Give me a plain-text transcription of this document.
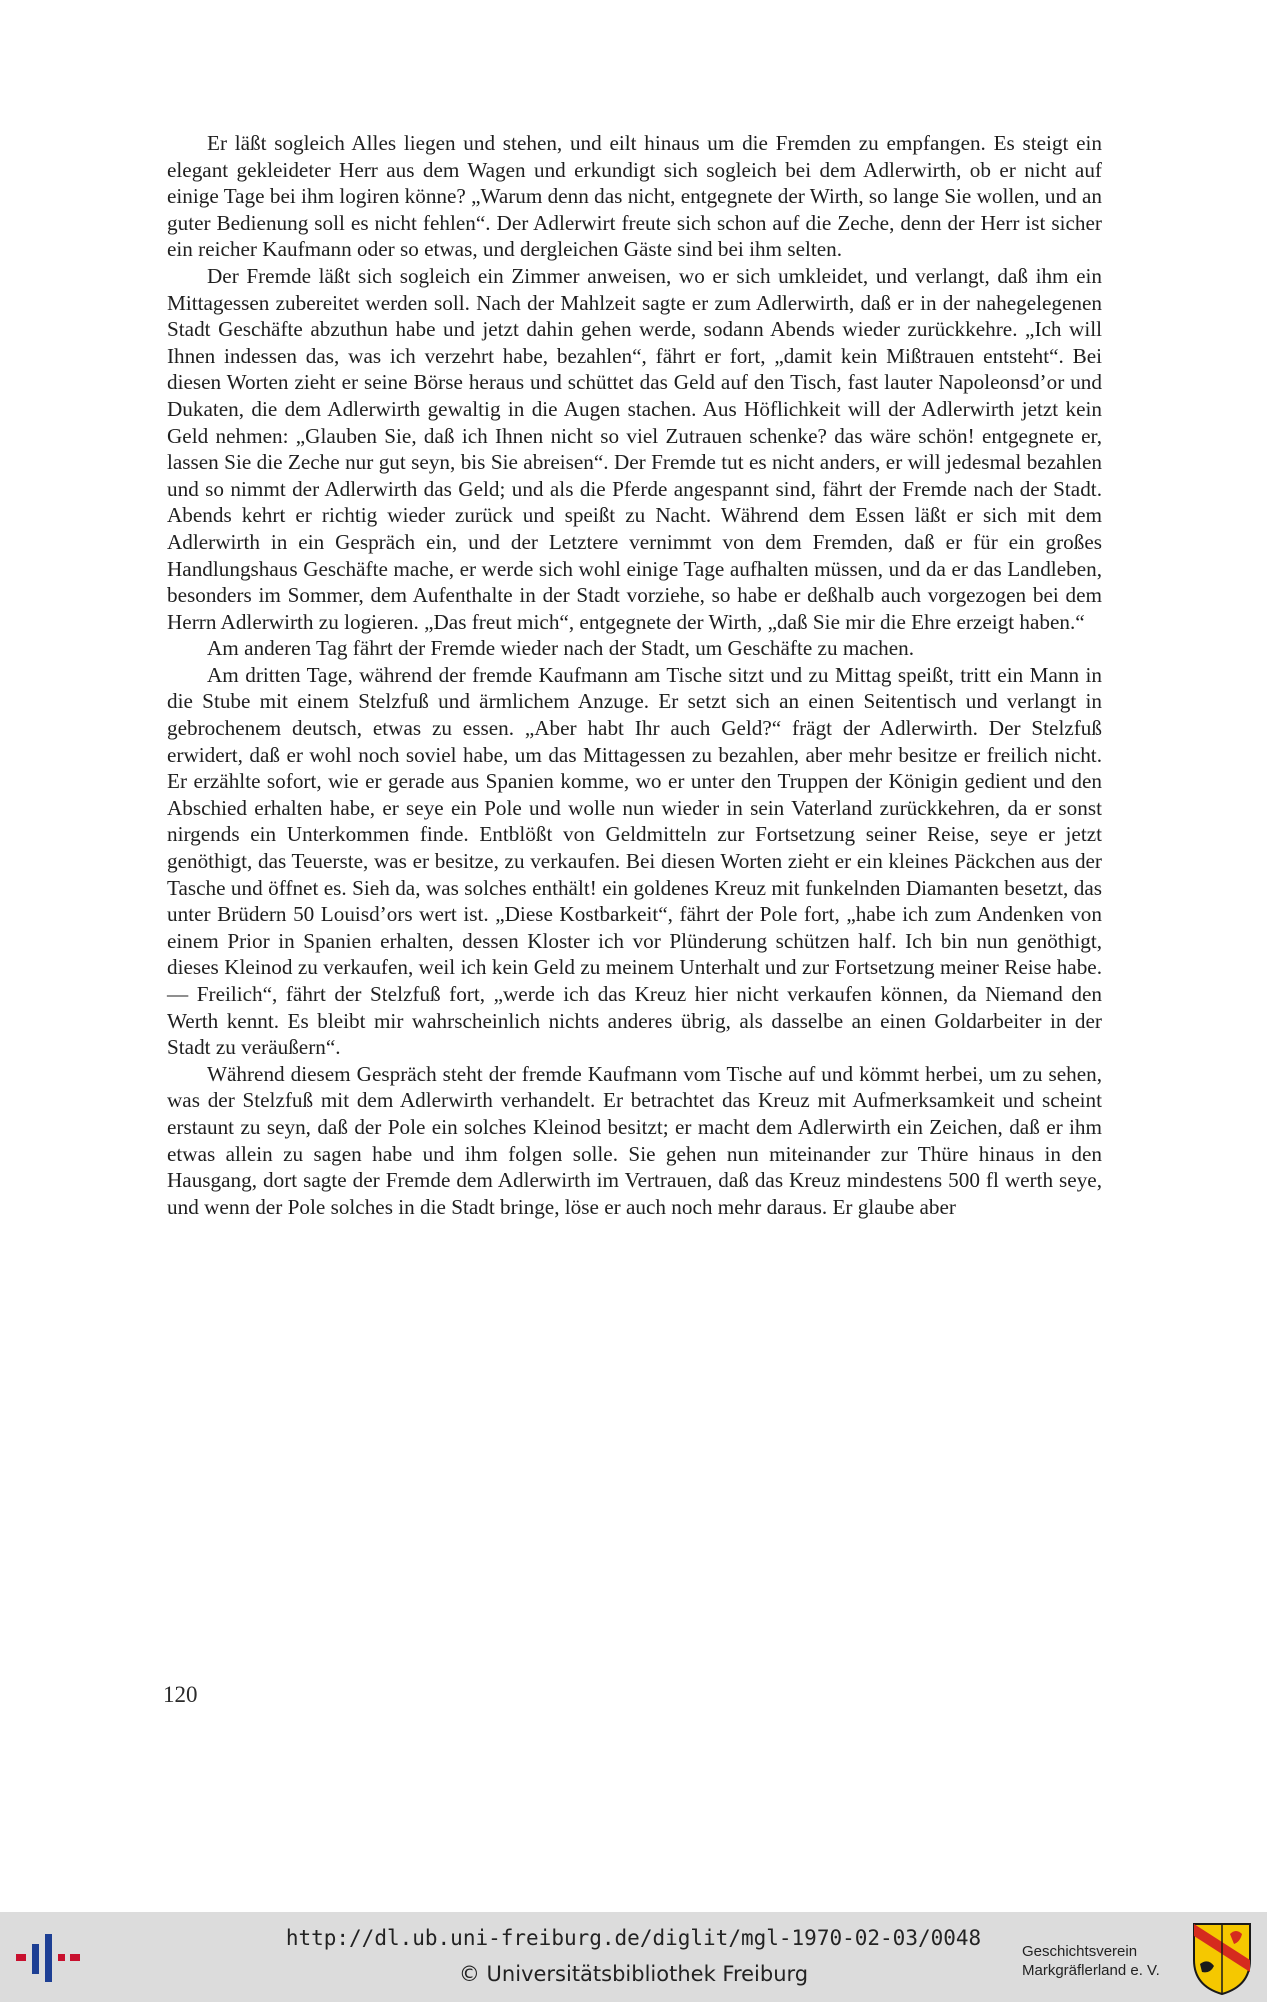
Er läßt sogleich Alles liegen und stehen, und eilt hinaus um die Fremden zu empfangen. Es steigt ein elegant gekleideter Herr aus dem Wagen und erkundigt sich sogleich bei dem Adlerwirth, ob er nicht auf einige Tage bei ihm logiren könne? „Warum denn das nicht, entgegnete der Wirth, so lange Sie wollen, und an guter Bedienung soll es nicht fehlen“. Der Adlerwirt freute sich schon auf die Zeche, denn der Herr ist sicher ein reicher Kaufmann oder so etwas, und dergleichen Gäste sind bei ihm selten.

Der Fremde läßt sich sogleich ein Zimmer anweisen, wo er sich umkleidet, und verlangt, daß ihm ein Mittagessen zubereitet werden soll. Nach der Mahlzeit sagte er zum Adlerwirth, daß er in der nahegelegenen Stadt Geschäfte abzuthun habe und jetzt dahin gehen werde, sodann Abends wieder zurückkehre. „Ich will Ihnen indessen das, was ich verzehrt habe, bezahlen“, fährt er fort, „damit kein Mißtrauen entsteht“. Bei diesen Worten zieht er seine Börse heraus und schüttet das Geld auf den Tisch, fast lauter Napoleonsd’or und Dukaten, die dem Adlerwirth gewaltig in die Augen stachen. Aus Höflichkeit will der Adlerwirth jetzt kein Geld nehmen: „Glauben Sie, daß ich Ihnen nicht so viel Zutrauen schenke? das wäre schön! entgegnete er, lassen Sie die Zeche nur gut seyn, bis Sie abreisen“. Der Fremde tut es nicht anders, er will jedesmal bezahlen und so nimmt der Adlerwirth das Geld; und als die Pferde angespannt sind, fährt der Fremde nach der Stadt. Abends kehrt er richtig wieder zurück und speißt zu Nacht. Während dem Essen läßt er sich mit dem Adlerwirth in ein Gespräch ein, und der Letztere vernimmt von dem Fremden, daß er für ein großes Handlungshaus Geschäfte mache, er werde sich wohl einige Tage aufhalten müssen, und da er das Landleben, besonders im Sommer, dem Aufenthalte in der Stadt vorziehe, so habe er deßhalb auch vorgezogen bei dem Herrn Adlerwirth zu logieren. „Das freut mich“, entgegnete der Wirth, „daß Sie mir die Ehre erzeigt haben.“

Am anderen Tag fährt der Fremde wieder nach der Stadt, um Geschäfte zu machen.

Am dritten Tage, während der fremde Kaufmann am Tische sitzt und zu Mittag speißt, tritt ein Mann in die Stube mit einem Stelzfuß und ärmlichem Anzuge. Er setzt sich an einen Seitentisch und verlangt in gebrochenem deutsch, etwas zu essen. „Aber habt Ihr auch Geld?“ frägt der Adlerwirth. Der Stelzfuß erwidert, daß er wohl noch soviel habe, um das Mittagessen zu bezahlen, aber mehr besitze er freilich nicht. Er erzählte sofort, wie er gerade aus Spanien komme, wo er unter den Truppen der Königin gedient und den Abschied erhalten habe, er seye ein Pole und wolle nun wieder in sein Vaterland zurückkehren, da er sonst nirgends ein Unterkommen finde. Entblößt von Geldmitteln zur Fortsetzung seiner Reise, seye er jetzt genöthigt, das Teuerste, was er besitze, zu verkaufen. Bei diesen Worten zieht er ein kleines Päckchen aus der Tasche und öffnet es. Sieh da, was solches enthält! ein goldenes Kreuz mit funkelnden Diamanten besetzt, das unter Brüdern 50 Louisd’ors wert ist. „Diese Kostbarkeit“, fährt der Pole fort, „habe ich zum Andenken von einem Prior in Spanien erhalten, dessen Kloster ich vor Plünderung schützen half. Ich bin nun genöthigt, dieses Kleinod zu verkaufen, weil ich kein Geld zu meinem Unterhalt und zur Fortsetzung meiner Reise habe. — Freilich“, fährt der Stelzfuß fort, „werde ich das Kreuz hier nicht verkaufen können, da Niemand den Werth kennt. Es bleibt mir wahrscheinlich nichts anderes übrig, als dasselbe an einen Goldarbeiter in der Stadt zu veräußern“.

Während diesem Gespräch steht der fremde Kaufmann vom Tische auf und kömmt herbei, um zu sehen, was der Stelzfuß mit dem Adlerwirth verhandelt. Er betrachtet das Kreuz mit Aufmerksamkeit und scheint erstaunt zu seyn, daß der Pole ein solches Kleinod besitzt; er macht dem Adlerwirth ein Zeichen, daß er ihm etwas allein zu sagen habe und ihm folgen solle. Sie gehen nun miteinander zur Thüre hinaus in den Hausgang, dort sagte der Fremde dem Adlerwirth im Vertrauen, daß das Kreuz mindestens 500 fl werth seye, und wenn der Pole solches in die Stadt bringe, löse er auch noch mehr daraus. Er glaube aber

120
http://dl.ub.uni-freiburg.de/diglit/mgl-1970-02-03/0048
© Universitätsbibliothek Freiburg
Geschichtsverein
Markgräflerland e. V.
